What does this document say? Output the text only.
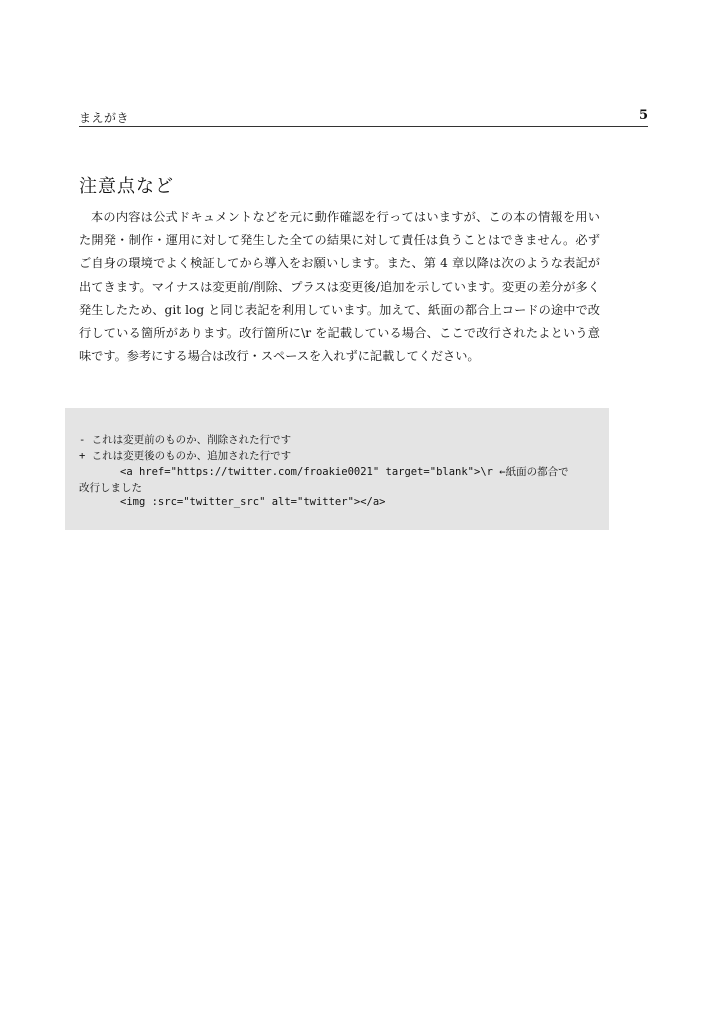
まえがき	5
注意点など

本の内容は公式ドキュメントなどを元に動作確認を行ってはいますが、この本の情報を用いた開発・制作・運用に対して発生した全ての結果に対して責任は負うことはできません。必ずご自身の環境でよく検証してから導入をお願いします。また、第 4 章以降は次のような表記が出てきます。マイナスは変更前/削除、プラスは変更後/追加を示しています。変更の差分が多く発生したため、git log と同じ表記を利用しています。加えて、紙面の都合上コードの途中で改行している箇所があります。改行箇所に\r を記載している場合、ここで改行されたよという意味です。参考にする場合は改行・スペースを入れずに記載してください。

- これは変更前のものか、削除された行です
+ これは変更後のものか、追加された行です
<a href="https://twitter.com/froakie0021" target="blank">\r ←紙面の都合で
改行しました
<img :src="twitter_src" alt="twitter"></a>
